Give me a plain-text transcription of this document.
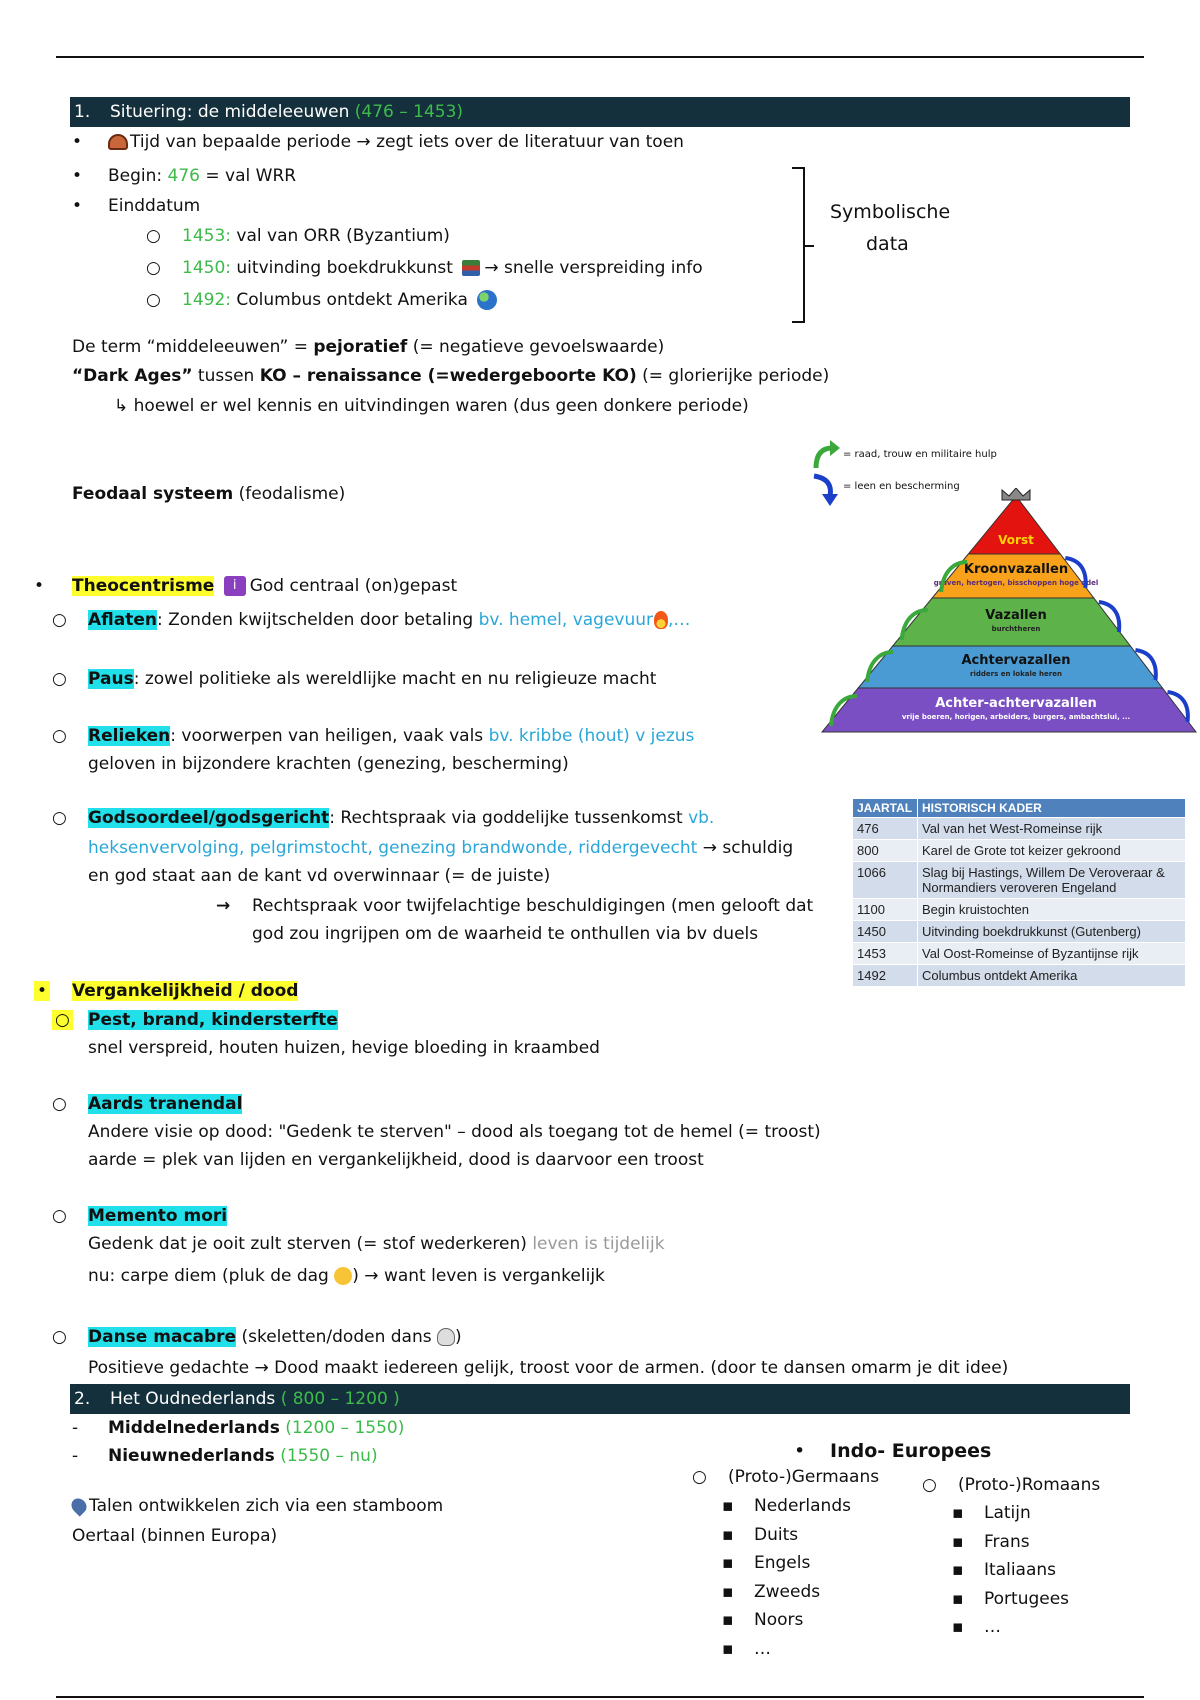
1. Situering: de middeleeuwen (476 – 1453)
•	Tijd van bepaalde periode → zegt iets over de literatuur van toen
• Begin: 476 = val WRR
• Einddatum
○ 1453: val van ORR (Byzantium)
○ 1450: uitvinding boekdrukkunst → snelle verspreiding info
○ 1492: Columbus ontdekt Amerika
Symbolische
data
De term “middeleeuwen” = pejoratief (= negatieve gevoelswaarde)
“Dark Ages” tussen KO – renaissance (=wedergeboorte KO) (= glorierijke periode)
↳ hoewel er wel kennis en uitvindingen waren (dus geen donkere periode)
Feodaal systeem (feodalisme)
= raad, trouw en militaire hulp
= leen en bescherming
Vorst
Kroonvazallen
graven, hertogen, bisschoppen hoge adel
Vazallen
burchtheren
Achtervazallen
ridders en lokale heren
Achter-achtervazallen
vrije boeren, horigen, arbeiders, burgers, ambachtslui, ...
• Theocentrisme i God centraal (on)gepast
○ Aflaten: Zonden kwijtschelden door betaling bv. hemel, vagevuur ,…
○ Paus: zowel politieke als wereldlijke macht en nu religieuze macht
○ Relieken: voorwerpen van heiligen, vaak vals bv. kribbe (hout) v jezus
geloven in bijzondere krachten (genezing, bescherming)
○ Godsoordeel/godsgericht: Rechtspraak via goddelijke tussenkomst vb.
heksenvervolging, pelgrimstocht, genezing brandwonde, riddergevecht → schuldig
en god staat aan de kant vd overwinnaar (= de juiste)
→ Rechtspraak voor twijfelachtige beschuldigingen (men gelooft dat
god zou ingrijpen om de waarheid te onthullen via bv duels
JAARTAL	HISTORISCH KADER
476	Val van het West-Romeinse rijk
800	Karel de Grote tot keizer gekroond
1066	Slag bij Hastings, Willem De Veroveraar & Normandiers veroveren Engeland
1100	Begin kruistochten
1450	Uitvinding boekdrukkunst (Gutenberg)
1453	Val Oost-Romeinse of Byzantijnse rijk
1492	Columbus ontdekt Amerika
• Vergankelijkheid / dood
○ Pest, brand, kindersterfte
snel verspreid, houten huizen, hevige bloeding in kraambed
○ Aards tranendal
Andere visie op dood: "Gedenk te sterven" – dood als toegang tot de hemel (= troost)
aarde = plek van lijden en vergankelijkheid, dood is daarvoor een troost
○ Memento mori
Gedenk dat je ooit zult sterven (= stof wederkeren) leven is tijdelijk
nu: carpe diem (pluk de dag ) → want leven is vergankelijk
○ Danse macabre (skeletten/doden dans )
Positieve gedachte → Dood maakt iedereen gelijk, troost voor de armen. (door te dansen omarm je dit idee)
2. Het Oudnederlands ( 800 – 1200 )
- Middelnederlands (1200 – 1550)
- Nieuwnederlands (1550 – nu)
Talen ontwikkelen zich via een stamboom
Oertaal (binnen Europa)
• Indo- Europees
○ (Proto-)Germaans
▪ Nederlands
▪ Duits
▪ Engels
▪ Zweeds
▪ Noors
▪ …
○ (Proto-)Romaans
▪ Latijn
▪ Frans
▪ Italiaans
▪ Portugees
▪ …
